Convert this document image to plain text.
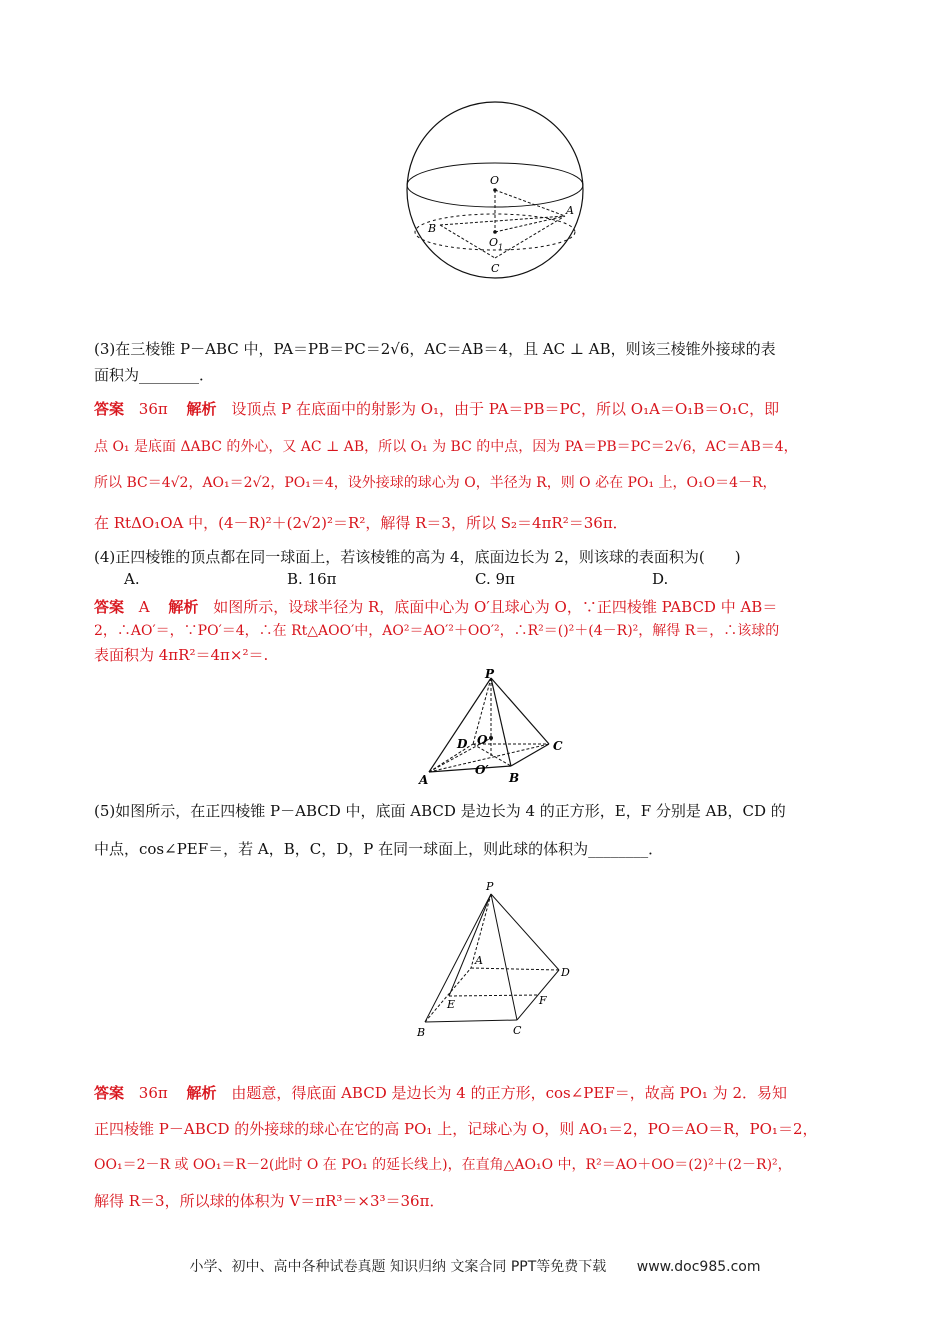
O
A
B
O 1
C
(3)在三棱锥 P－ABC 中，PA＝PB＝PC＝2√6，AC＝AB＝4，且 AC ⊥ AB，则该三棱锥外接球的表
面积为________．
答案 36π 解析 设顶点 P 在底面中的射影为 O₁，由于 PA＝PB＝PC，所以 O₁A＝O₁B＝O₁C，即
点 O₁ 是底面 ΔABC 的外心，又 AC ⊥ AB，所以 O₁ 为 BC 的中点，因为 PA＝PB＝PC＝2√6，AC＝AB＝4，
所以 BC＝4√2，AO₁＝2√2，PO₁＝4，设外接球的球心为 O，半径为 R，则 O 必在 PO₁ 上，O₁O＝4－R，
在 RtΔO₁OA 中，(4－R)²＋(2√2)²＝R²，解得 R＝3，所以 S₂＝4πR²＝36π．
(4)正四棱锥的顶点都在同一球面上，若该棱锥的高为 4，底面边长为 2，则该球的表面积为(　　)
A.	B. 16π	C. 9π	D.
答案 A 解析 如图所示，设球半径为 R，底面中心为 O′且球心为 O，∵正四棱锥 PABCD 中 AB＝
2，∴AO′＝，∵PO′＝4，∴在 Rt△AOO′中，AO²＝AO′²＋OO′²，∴R²＝()²＋(4－R)²，解得 R＝，∴该球的
表面积为 4πR²＝4π×²＝.
P
D O	C
A
O′
B
(5)如图所示，在正四棱锥 P－ABCD 中，底面 ABCD 是边长为 4 的正方形，E，F 分别是 AB，CD 的
中点，cos∠PEF＝，若 A，B，C，D，P 在同一球面上，则此球的体积为________．
P
A
D
E	F
B	C
答案 36π 解析 由题意，得底面 ABCD 是边长为 4 的正方形，cos∠PEF＝，故高 PO₁ 为 2．易知
正四棱锥 P－ABCD 的外接球的球心在它的高 PO₁ 上，记球心为 O，则 AO₁＝2，PO＝AO＝R，PO₁＝2，
OO₁＝2－R 或 OO₁＝R－2(此时 O 在 PO₁ 的延长线上)，在直角△AO₁O 中，R²＝AO＋OO＝(2)²＋(2－R)²，
解得 R＝3，所以球的体积为 V＝πR³＝×3³＝36π．
小学、初中、高中各种试卷真题 知识归纳 文案合同 PPT等免费下载 www.doc985.com
